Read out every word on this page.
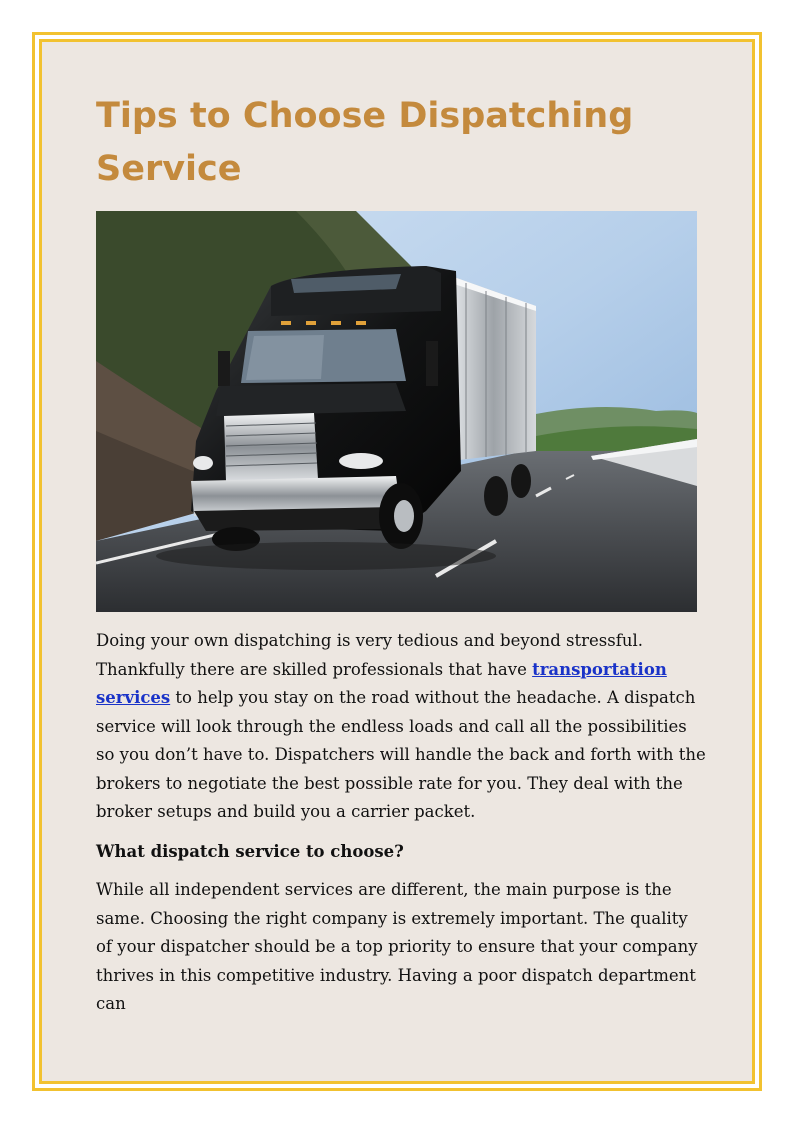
Tips to Choose Dispatching Service

Doing your own dispatching is very tedious and beyond stressful. Thankfully there are skilled professionals that have transportation services to help you stay on the road without the headache. A dispatch service will look through the endless loads and call all the possibilities so you don’t have to. Dispatchers will handle the back and forth with the brokers to negotiate the best possible rate for you. They deal with the broker setups and build you a carrier packet.

What dispatch service to choose?

While all independent services are different, the main purpose is the same. Choosing the right company is extremely important. The quality of your dispatcher should be a top priority to ensure that your company thrives in this competitive industry. Having a poor dispatch department can
